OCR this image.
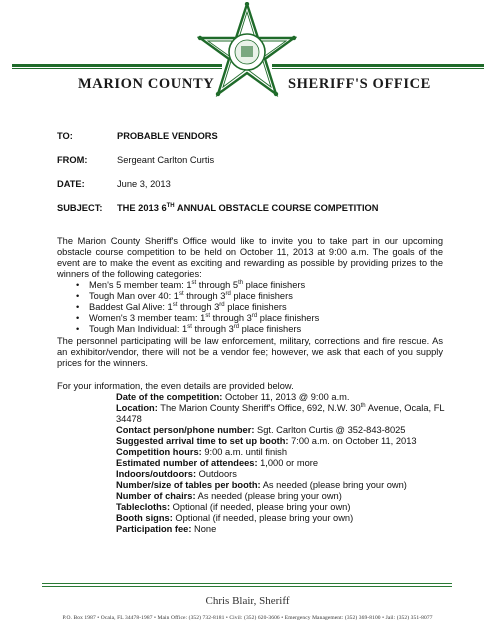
MARION COUNTY	SHERIFF'S OFFICE
TO:	PROBABLE VENDORS
FROM:	Sergeant Carlton Curtis
DATE:	June 3, 2013
SUBJECT: THE 2013 6TH ANNUAL OBSTACLE COURSE COMPETITION

The Marion County Sheriff's Office would like to invite you to take part in our upcoming obstacle course competition to be held on October 11, 2013 at 9:00 a.m. The goals of the event are to make the event as exciting and rewarding as possible by providing prizes to the winners of the following categories:

• Men's 5 member team: 1st through 5th place finishers
• Tough Man over 40: 1st through 3rd place finishers
• Baddest Gal Alive: 1st through 3rd place finishers
• Women's 3 member team: 1st through 3rd place finishers
• Tough Man Individual: 1st through 3rd place finishers

The personnel participating will be law enforcement, military, corrections and fire rescue. As an exhibitor/vendor, there will not be a vendor fee; however, we ask that each of you supply prices for the winners.

For your information, the even details are provided below.

Date of the competition: October 11, 2013 @ 9:00 a.m.
Location: The Marion County Sheriff's Office, 692, N.W. 30th Avenue, Ocala, FL
34478
Contact person/phone number: Sgt. Carlton Curtis @ 352-843-8025
Suggested arrival time to set up booth: 7:00 a.m. on October 11, 2013
Competition hours: 9:00 a.m. until finish
Estimated number of attendees: 1,000 or more
Indoors/outdoors: Outdoors
Number/size of tables per booth: As needed (please bring your own)
Number of chairs: As needed (please bring your own)
Tablecloths: Optional (if needed, please bring your own)
Booth signs: Optional (if needed, please bring your own)
Participation fee: None
Chris Blair, Sheriff
P.O. Box 1987 • Ocala, FL 34478-1987 • Main Office: (352) 732-8181 • Civil: (352) 620-3606 • Emergency Management: (352) 369-8100 • Jail: (352) 351-8077
